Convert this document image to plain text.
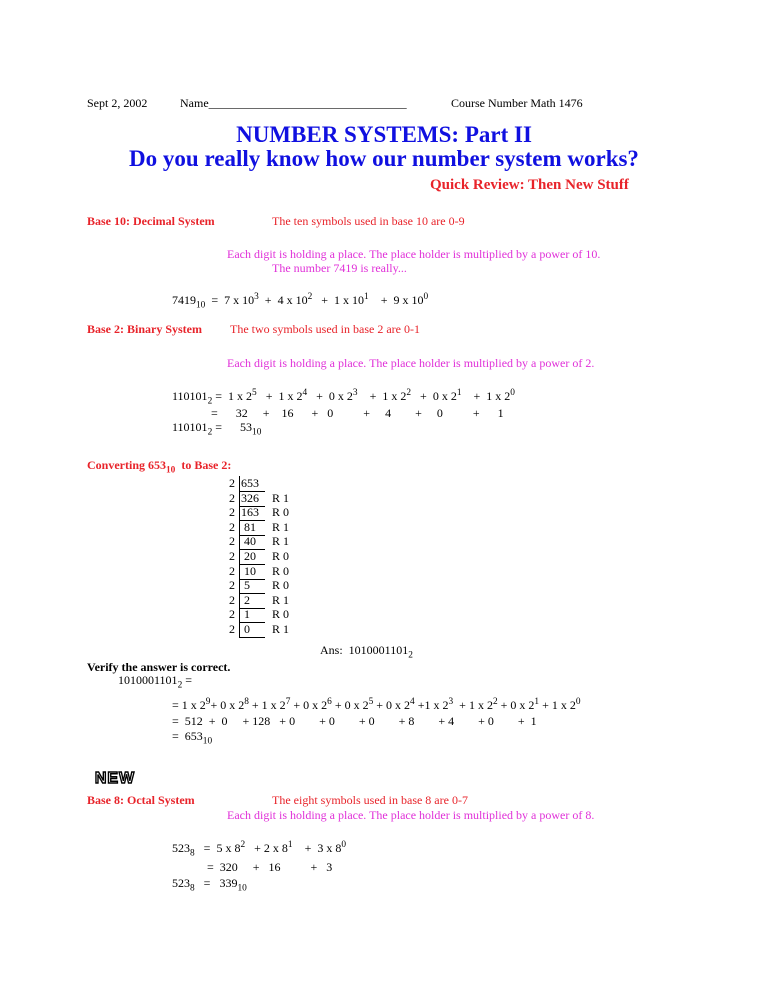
Sept 2, 2002	Name_________________________________	Course Number Math 1476
NUMBER SYSTEMS: Part II
Do you really know how our number system works?
Quick Review: Then New Stuff
Base 10: Decimal System	The ten symbols used in base 10 are 0-9
Each digit is holding a place. The place holder is multiplied by a power of 10.
The number 7419 is really...
$7419_{10} = 7$ x $10^3 + 4$ x $10^2 + 1$ x $10^1$    +  9 x $10^0$
Base 2: Binary System The two symbols used in base 2 are 0-1
Each digit is holding a place. The place holder is multiplied by a power of 2.
$110101_2 = 1$ x $2^5 + 1$ x $2^4 + 0$ x $2^3$    +  1 x $2^2 + 0$ x $2^1$    +  1 x $2^0$
=      32     +    16      +   0          +     4        +     0          +      1
$110101_2$ =      $53_{10}$
Converting $653_{10}$ to Base 2:
2 653
2 326	R 1
2 163	R 0
2 81	R 1
2 40	R 1
2 20	R 0
2 10	R 0
2 5	R 0
2 2	R 1
2 1	R 0
2 0	R 1
Ans: $1010001101_2$
Verify the answer is correct.
$1010001101_2$ =
= 1 x $2^9+ 0$ x $2^8 + 1$ x $2^7 + 0$ x $2^6 + 0$ x $2^5 + 0$ x $2^4 +1$ x $2^3 + 1$ x $2^2 + 0$ x $2^1 + 1$ x $2^0$
=  512  +  0     + 128   + 0        + 0        + 0        + 8        + 4        + 0        +  1
=  $653_{10}$
NEW
Base 8: Octal System	The eight symbols used in base 8 are 0-7
Each digit is holding a place. The place holder is multiplied by a power of 8.
$523_8 = 5$ x $8^2 + 2$ x $8^1$    +  3 x $8^0$
=  320     +   16          +   3
$523_8 = 339_{10}$
